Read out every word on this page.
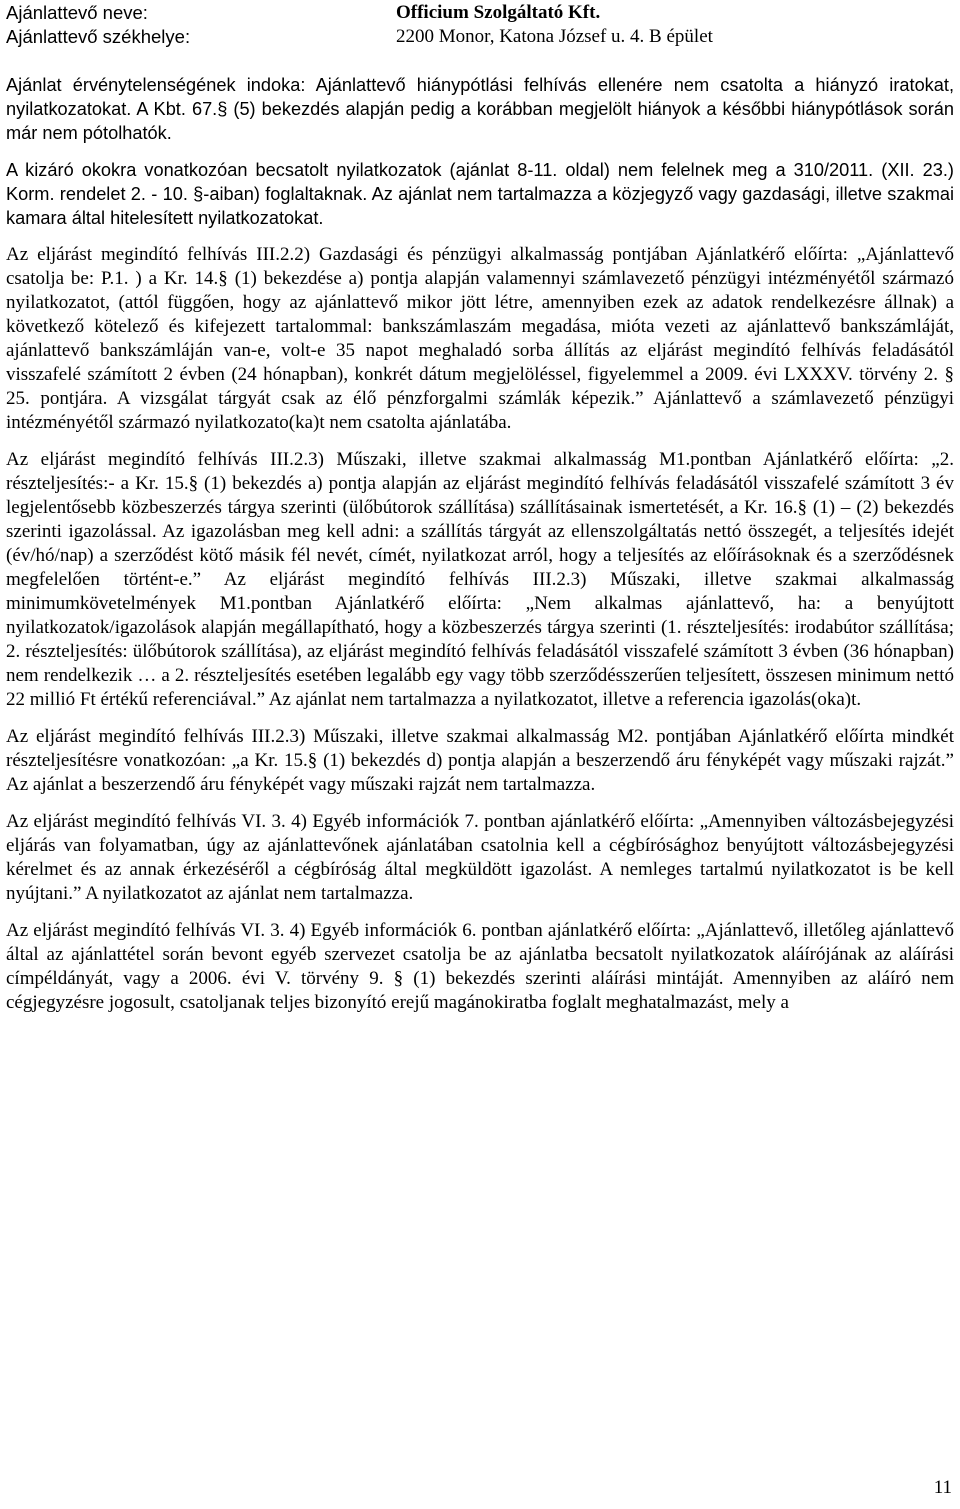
Ajánlattevő neve:	Officium Szolgáltató Kft.
Ajánlattevő székhelye:	2200 Monor, Katona József u. 4. B épület

Ajánlat érvénytelenségének indoka: Ajánlattevő hiánypótlási felhívás ellenére nem csatolta a hiányzó iratokat, nyilatkozatokat. A Kbt. 67.§ (5) bekezdés alapján pedig a korábban megjelölt hiányok a későbbi hiánypótlások során már nem pótolhatók.

A kizáró okokra vonatkozóan becsatolt nyilatkozatok (ajánlat 8-11. oldal) nem felelnek meg a 310/2011. (XII. 23.) Korm. rendelet 2. - 10. §-aiban) foglaltaknak. Az ajánlat nem tartalmazza a közjegyző vagy gazdasági, illetve szakmai kamara által hitelesített nyilatkozatokat.

Az eljárást megindító felhívás III.2.2) Gazdasági és pénzügyi alkalmasság pontjában Ajánlatkérő előírta: „Ajánlattevő csatolja be: P.1. ) a Kr. 14.§ (1) bekezdése a) pontja alapján valamennyi számlavezető pénzügyi intézményétől származó nyilatkozatot, (attól függően, hogy az ajánlattevő mikor jött létre, amennyiben ezek az adatok rendelkezésre állnak) a következő kötelező és kifejezett tartalommal: bankszámlaszám megadása, mióta vezeti az ajánlattevő bankszámláját, ajánlattevő bankszámláján van-e, volt-e 35 napot meghaladó sorba állítás az eljárást megindító felhívás feladásától visszafelé számított 2 évben (24 hónapban), konkrét dátum megjelöléssel, figyelemmel a 2009. évi LXXXV. törvény 2. § 25. pontjára. A vizsgálat tárgyát csak az élő pénzforgalmi számlák képezik.” Ajánlattevő a számlavezető pénzügyi intézményétől származó nyilatkozato(ka)t nem csatolta ajánlatába.

Az eljárást megindító felhívás III.2.3) Műszaki, illetve szakmai alkalmasság M1.pontban Ajánlatkérő előírta: „2. részteljesítés:- a Kr. 15.§ (1) bekezdés a) pontja alapján az eljárást megindító felhívás feladásától visszafelé számított 3 év legjelentősebb közbeszerzés tárgya szerinti (ülőbútorok szállítása) szállításainak ismertetését, a Kr. 16.§ (1) – (2) bekezdés szerinti igazolással. Az igazolásban meg kell adni: a szállítás tárgyát az ellenszolgáltatás nettó összegét, a teljesítés idejét (év/hó/nap) a szerződést kötő másik fél nevét, címét, nyilatkozat arról, hogy a teljesítés az előírásoknak és a szerződésnek megfelelően történt-e.” Az eljárást megindító felhívás III.2.3) Műszaki, illetve szakmai alkalmasság minimumkövetelmények M1.pontban Ajánlatkérő előírta: „Nem alkalmas ajánlattevő, ha: a benyújtott nyilatkozatok/igazolások alapján megállapítható, hogy a közbeszerzés tárgya szerinti (1. részteljesítés: irodabútor szállítása; 2. részteljesítés: ülőbútorok szállítása), az eljárást megindító felhívás feladásától visszafelé számított 3 évben (36 hónapban) nem rendelkezik … a 2. részteljesítés esetében legalább egy vagy több szerződésszerűen teljesített, összesen minimum nettó 22 millió Ft értékű referenciával.” Az ajánlat nem tartalmazza a nyilatkozatot, illetve a referencia igazolás(oka)t.

Az eljárást megindító felhívás III.2.3) Műszaki, illetve szakmai alkalmasság M2. pontjában Ajánlatkérő előírta mindkét részteljesítésre vonatkozóan: „a Kr. 15.§ (1) bekezdés d) pontja alapján a beszerzendő áru fényképét vagy műszaki rajzát.” Az ajánlat a beszerzendő áru fényképét vagy műszaki rajzát nem tartalmazza.

Az eljárást megindító felhívás VI. 3. 4) Egyéb információk 7. pontban ajánlatkérő előírta: „Amennyiben változásbejegyzési eljárás van folyamatban, úgy az ajánlattevőnek ajánlatában csatolnia kell a cégbírósághoz benyújtott változásbejegyzési kérelmet és az annak érkezéséről a cégbíróság által megküldött igazolást. A nemleges tartalmú nyilatkozatot is be kell nyújtani.” A nyilatkozatot az ajánlat nem tartalmazza.

Az eljárást megindító felhívás VI. 3. 4) Egyéb információk 6. pontban ajánlatkérő előírta: „Ajánlattevő, illetőleg ajánlattevő által az ajánlattétel során bevont egyéb szervezet csatolja be az ajánlatba becsatolt nyilatkozatok aláírójának az aláírási címpéldányát, vagy a 2006. évi V. törvény 9. § (1) bekezdés szerinti aláírási mintáját. Amennyiben az aláíró nem cégjegyzésre jogosult, csatoljanak teljes bizonyító erejű magánokiratba foglalt meghatalmazást, mely a

11
